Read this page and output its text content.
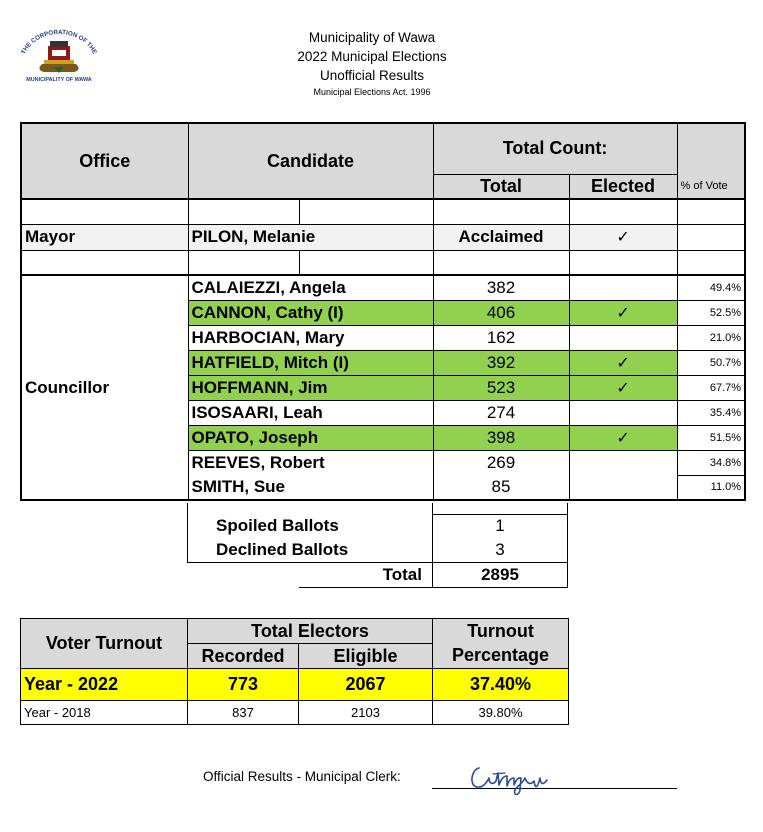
THE CORPORATION OF THE
MUNICIPALITY OF WAWA
Municipality of Wawa
2022 Municipal Elections
Unofficial Results
Municipal Elections Act. 1996
Office	Candidate		Total Count:		
			Total	Elected	% of Vote

Mayor	PILON, Melanie		Acclaimed	✓	

Councillor	CALAIEZZI, Angela		382		49.4%
	CANNON, Cathy (I)		406	✓	52.5%
	HARBOCIAN, Mary		162		21.0%
	HATFIELD, Mitch (I)		392	✓	50.7%
	HOFFMANN, Jim		523	✓	67.7%
	ISOSAARI, Leah		274		35.4%
	OPATO, Joseph		398	✓	51.5%
	REEVES, Robert		269		34.8%
	SMITH, Sue		85		11.0%

Spoiled Ballots		1
Declined Ballots		3
	Total	2895
Voter Turnout	Total Electors		Turnout
	Recorded	Eligible	Percentage
Year - 2022	773	2067	37.40%
Year - 2018	837	2103	39.80%
Official Results - Municipal Clerk:
